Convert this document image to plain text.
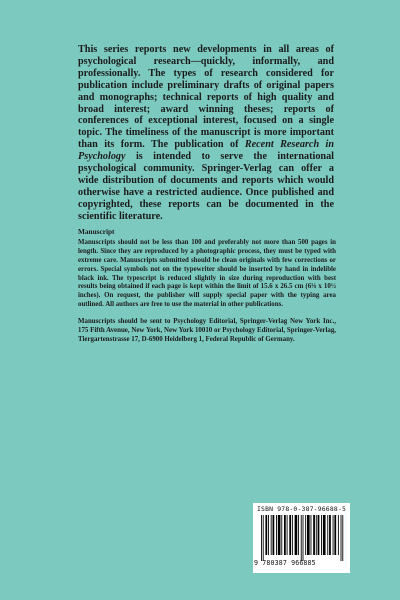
This series reports new developments in all areas of psychological research—quickly, informally, and professionally. The types of research considered for publication include preliminary drafts of original papers and monographs; technical reports of high quality and broad interest; award winning theses; reports of conferences of exceptional interest, focused on a single topic. The timeliness of the manuscript is more important than its form. The publication of Recent Research in Psychology is intended to serve the international psychological community. Springer-Verlag can offer a wide distribution of documents and reports which would otherwise have a restricted audience. Once published and copyrighted, these reports can be documented in the scientific literature.
Manuscript

Manuscripts should not be less than 100 and preferably not more than 500 pages in length. Since they are reproduced by a photographic process, they must be typed with extreme care. Manuscripts submitted should be clean originals with few corrections or errors. Special symbols not on the typewriter should be inserted by hand in indelible black ink. The typescript is reduced slightly in size during reproduction with best results being obtained if each page is kept within the limit of 15.6 x 26.5 cm (6⅛ x 10½ inches). On request, the publisher will supply special paper with the typing area outlined. All authors are free to use the material in other publications.

Manuscripts should be sent to Psychology Editorial, Springer-Verlag New York Inc., 175 Fifth Avenue, New York, New York 10010 or Psychology Editorial, Springer-Verlag, Tiergartenstrasse 17, D-6900 Heidelberg 1, Federal Republic of Germany.

ISBN 978-0-387-96688-5
9 780387 966885
